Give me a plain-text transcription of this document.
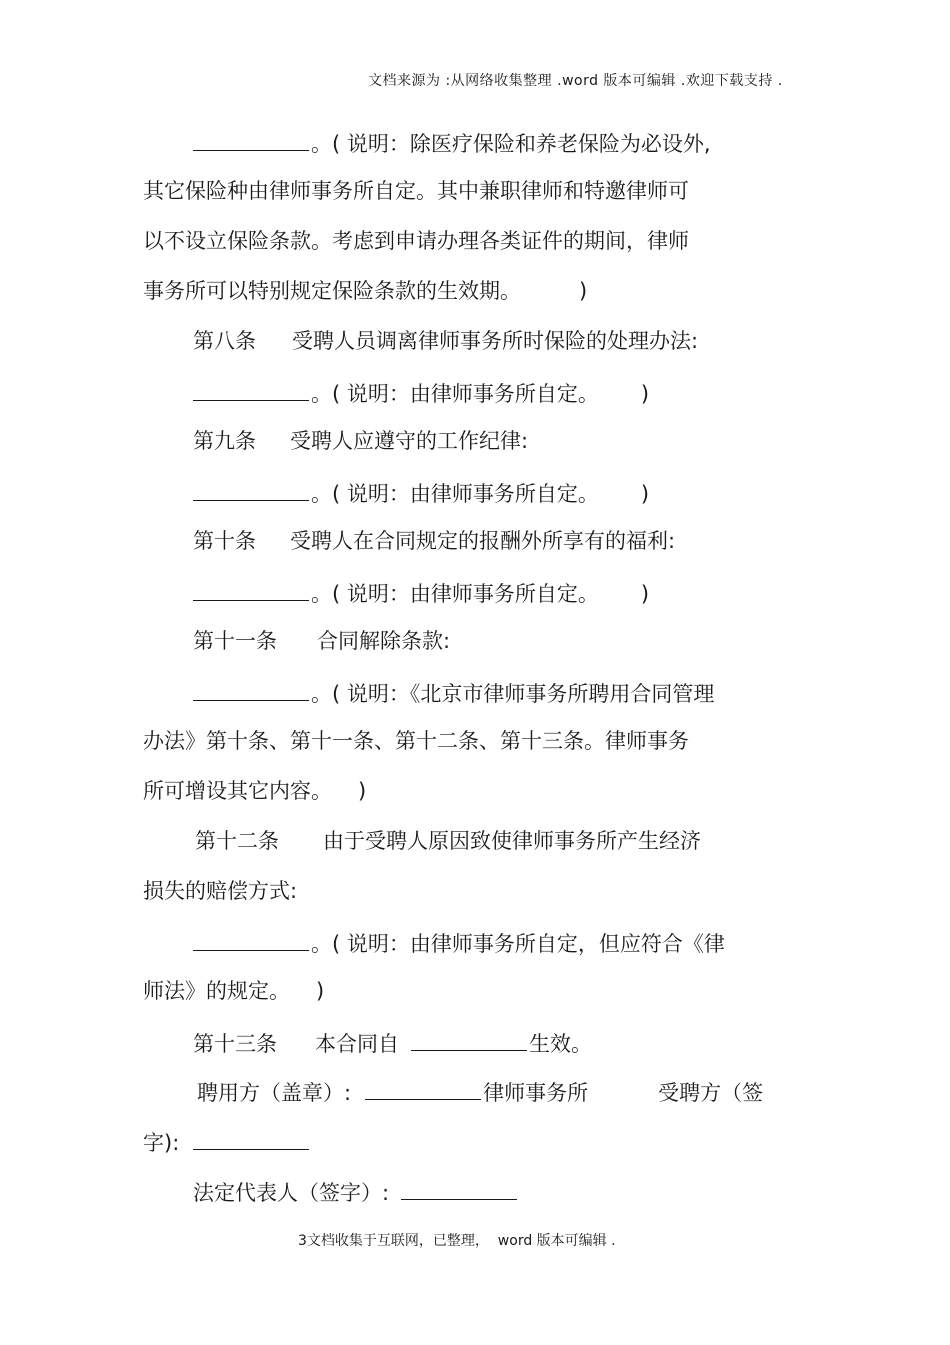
文档来源为 :从网络收集整理 .word 版本可编辑 .欢迎下载支持 .
。( 说明：除医疗保险和养老保险为必设外,
其它保险种由律师事务所自定。其中兼职律师和特邀律师可
以不设立保险条款。考虑到申请办理各类证件的期间，律师
事务所可以特别规定保险条款的生效期。	)
第八条 受聘人员调离律师事务所时保险的处理办法:
。( 说明：由律师事务所自定。 )
第九条 受聘人应遵守的工作纪律:
。( 说明：由律师事务所自定。 )
第十条 受聘人在合同规定的报酬外所享有的福利:
。( 说明：由律师事务所自定。 )
第十一条 合同解除条款:
。( 说明：《北京市律师事务所聘用合同管理
办法》第十条、第十一条、第十二条、第十三条。律师事务
所可增设其它内容。 )
第十二条 由于受聘人原因致使律师事务所产生经济
损失的赔偿方式:
。( 说明：由律师事务所自定，但应符合《律
师法》的规定。 )
第十三条 本合同自	生效。
聘用方（盖章）:	律师事务所	受聘方（签
字):
法定代表人（签字）:
3文档收集于互联网，已整理，  word 版本可编辑 .
